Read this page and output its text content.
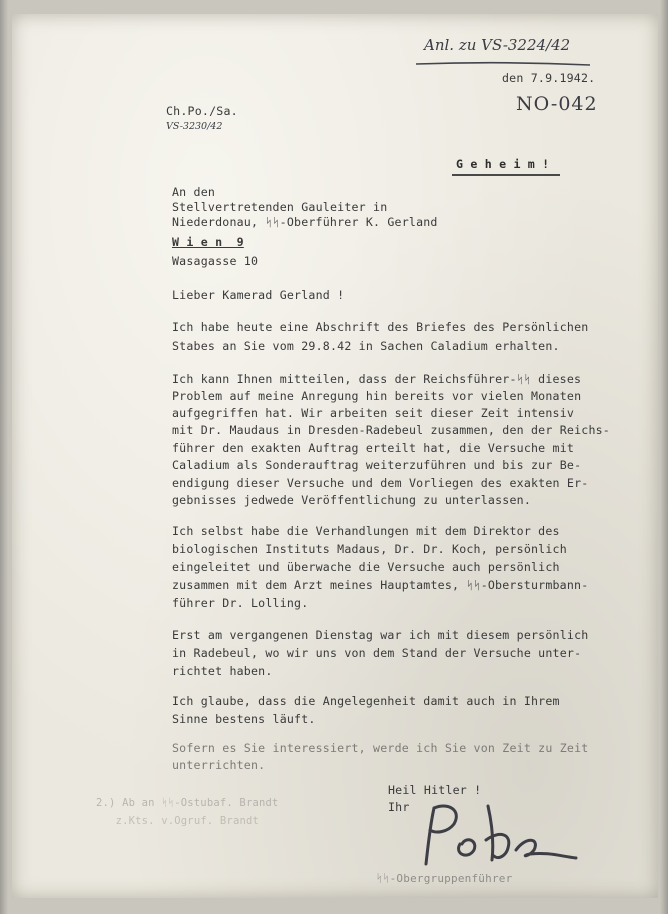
Anl. zu VS-3224/42
den 7.9.1942.
NO-042
Ch.Po./Sa.
VS-3230/42
G e h e i m !
An den
Stellvertretenden Gauleiter in
Niederdonau, ᛋᛋ-Oberführer K. Gerland
W i e n  9
Wasagasse 10
Lieber Kamerad Gerland !
Ich habe heute eine Abschrift des Briefes des Persönlichen
Stabes an Sie vom 29.8.42 in Sachen Caladium erhalten.
Ich kann Ihnen mitteilen, dass der Reichsführer-ᛋᛋ dieses
Problem auf meine Anregung hin bereits vor vielen Monaten
aufgegriffen hat. Wir arbeiten seit dieser Zeit intensiv
mit Dr. Maudaus in Dresden-Radebeul zusammen, den der Reichs-
führer den exakten Auftrag erteilt hat, die Versuche mit
Caladium als Sonderauftrag weiterzuführen und bis zur Be-
endigung dieser Versuche und dem Vorliegen des exakten Er-
gebnisses jedwede Veröffentlichung zu unterlassen.
Ich selbst habe die Verhandlungen mit dem Direktor des
biologischen Instituts Madaus, Dr. Dr. Koch, persönlich
eingeleitet und überwache die Versuche auch persönlich
zusammen mit dem Arzt meines Hauptamtes, ᛋᛋ-Obersturmbann-
führer Dr. Lolling.
Erst am vergangenen Dienstag war ich mit diesem persönlich
in Radebeul, wo wir uns von dem Stand der Versuche unter-
richtet haben.
Ich glaube, dass die Angelegenheit damit auch in Ihrem
Sinne bestens läuft.
Sofern es Sie interessiert, werde ich Sie von Zeit zu Zeit
unterrichten.
Heil Hitler !
Ihr
2.) Ab an ᛋᛋ-Ostubaf. Brandt
z.Kts. v.Ogruf. Brandt
ᛋᛋ-Obergruppenführer
